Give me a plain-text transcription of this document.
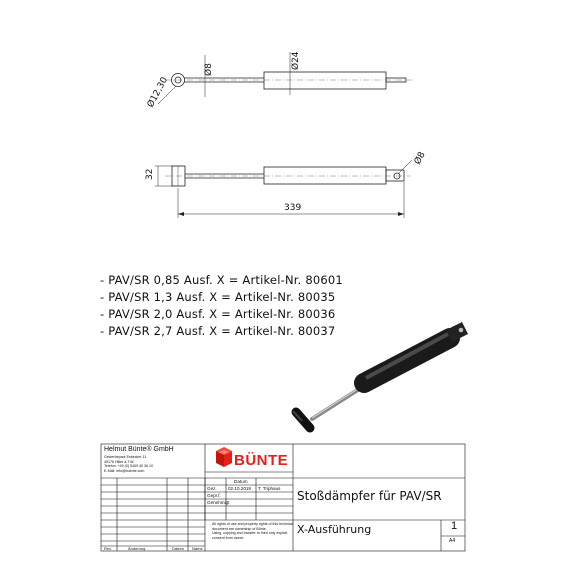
Ø12,30
Ø8	Ø24
32
Ø8
339
- PAV/SR 0,85 Ausf. X = Artikel-Nr. 80601
- PAV/SR 1,3 Ausf. X = Artikel-Nr. 80035
- PAV/SR 2,0 Ausf. X = Artikel-Nr. 80036
- PAV/SR 2,7 Ausf. X = Artikel-Nr. 80037
Helmut Bünte® GmbH
Gewerbepark Esbecker 11
49176 Hilter a.T.W.
Telefon: +49 (0) 5409 40 36 10
E-Mail: info@buente.com
BÜNTE
Datum
Gez. 02.10.2019 T. Triphaus
Gepr.f.
Genehmigt	Stoßdämpfer für PAV/SR
X-Ausführung	1
A4
All rights of use and property rights of this technical
document are ownership of Bünte.
Using, copying and transfer to third only explicit
consent from owner.
Rev.	Änderung	Datum Name
